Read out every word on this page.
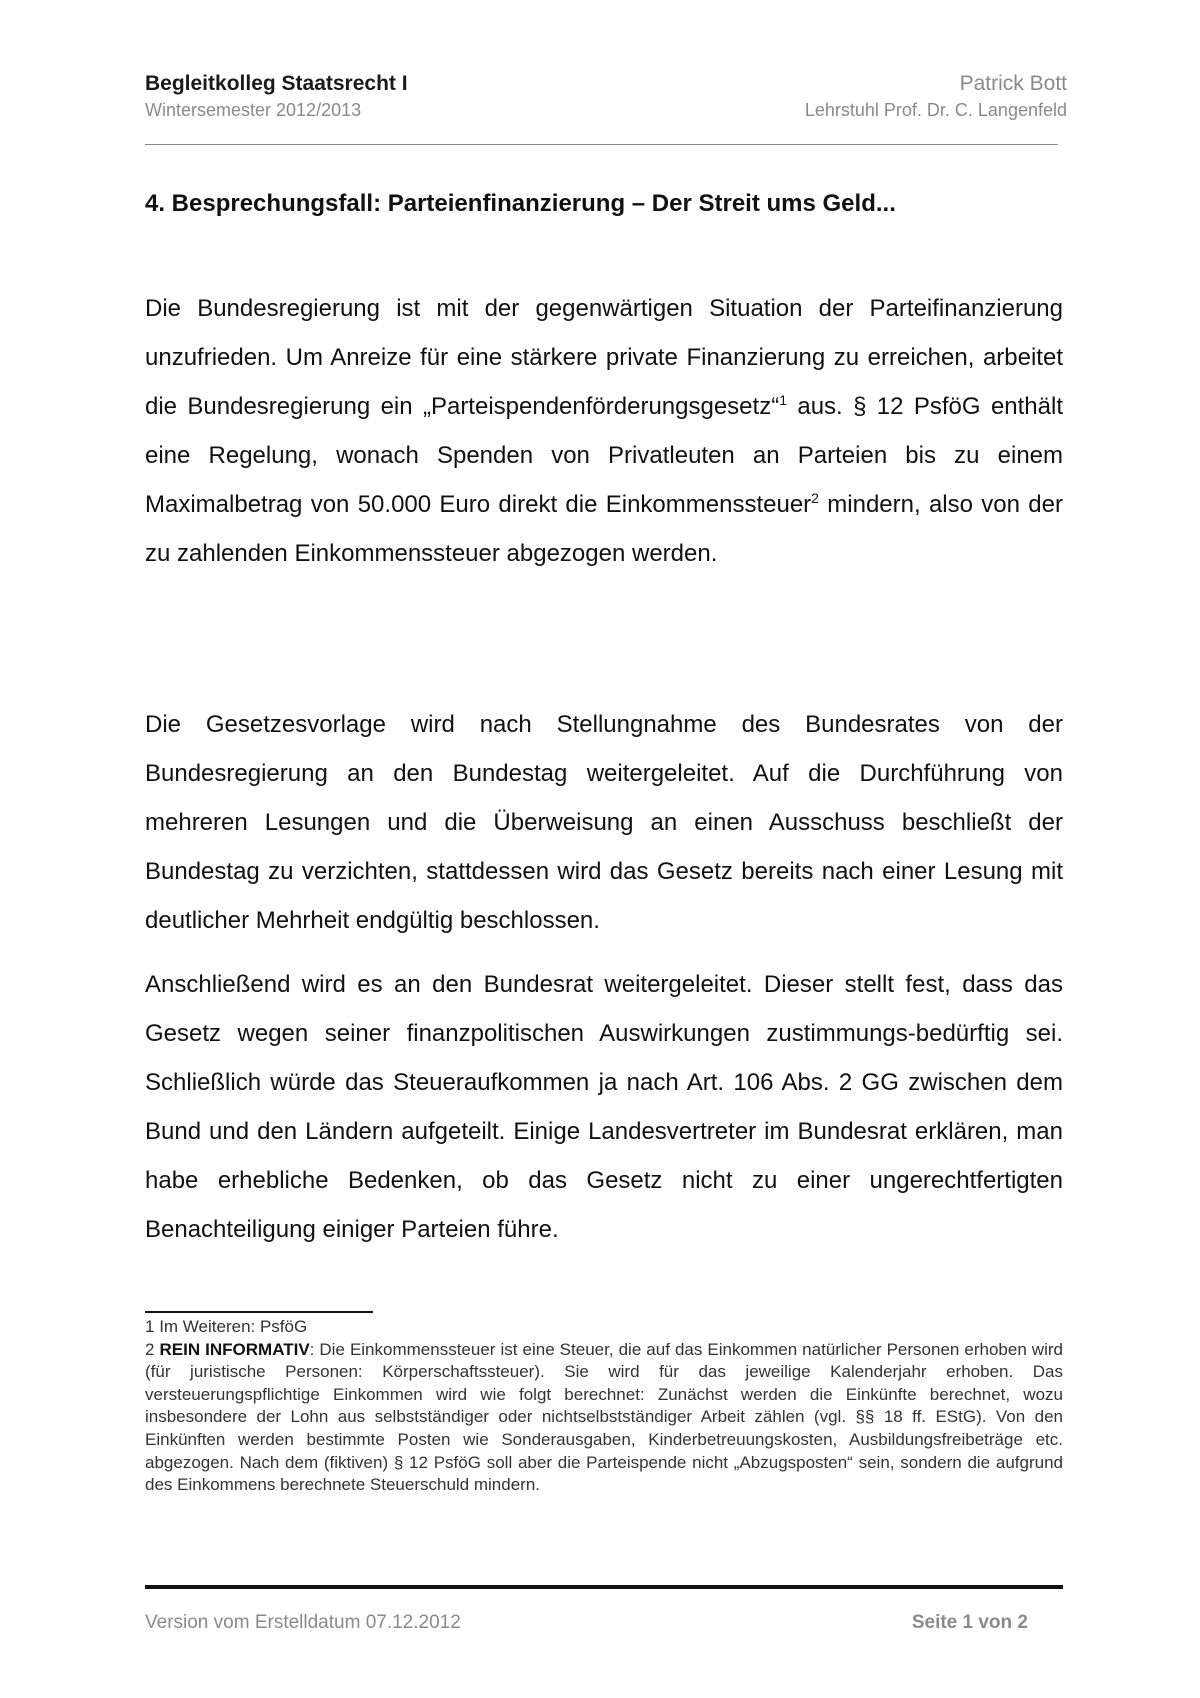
Begleitkolleg Staatsrecht I
Wintersemester 2012/2013
Patrick Bott
Lehrstuhl Prof. Dr. C. Langenfeld
4. Besprechungsfall: Parteienfinanzierung – Der Streit ums Geld...
Die Bundesregierung ist mit der gegenwärtigen Situation der Parteifinanzierung unzufrieden. Um Anreize für eine stärkere private Finanzierung zu erreichen, arbeitet die Bundesregierung ein „Parteispendenförderungsgesetz“$^1$ aus. § 12 PsföG enthält eine Regelung, wonach Spenden von Privatleuten an Parteien bis zu einem Maximalbetrag von 50.000 Euro direkt die Einkommenssteuer$^2$ mindern, also von der zu zahlenden Einkommenssteuer abgezogen werden.
Die Gesetzesvorlage wird nach Stellungnahme des Bundesrates von der Bundesregierung an den Bundestag weitergeleitet. Auf die Durchführung von mehreren Lesungen und die Überweisung an einen Ausschuss beschließt der Bundestag zu verzichten, stattdessen wird das Gesetz bereits nach einer Lesung mit deutlicher Mehrheit endgültig beschlossen.
Anschließend wird es an den Bundesrat weitergeleitet. Dieser stellt fest, dass das Gesetz wegen seiner finanzpolitischen Auswirkungen zustimmungs-bedürftig sei. Schließlich würde das Steueraufkommen ja nach Art. 106 Abs. 2 GG zwischen dem Bund und den Ländern aufgeteilt. Einige Landesvertreter im Bundesrat erklären, man habe erhebliche Bedenken, ob das Gesetz nicht zu einer ungerechtfertigten Benachteiligung einiger Parteien führe.

1 Im Weiteren: PsföG

2 REIN INFORMATIV: Die Einkommenssteuer ist eine Steuer, die auf das Einkommen natürlicher Personen erhoben wird (für juristische Personen: Körperschaftssteuer). Sie wird für das jeweilige Kalenderjahr erhoben. Das versteuerungspflichtige Einkommen wird wie folgt berechnet: Zunächst werden die Einkünfte berechnet, wozu insbesondere der Lohn aus selbstständiger oder nichtselbstständiger Arbeit zählen (vgl. §§ 18 ff. EStG). Von den Einkünften werden bestimmte Posten wie Sonderausgaben, Kinderbetreuungskosten, Ausbildungsfreibeträge etc. abgezogen. Nach dem (fiktiven) § 12 PsföG soll aber die Parteispende nicht „Abzugsposten“ sein, sondern die aufgrund des Einkommens berechnete Steuerschuld mindern.

Version vom Erstelldatum 07.12.2012	Seite 1 von 2
